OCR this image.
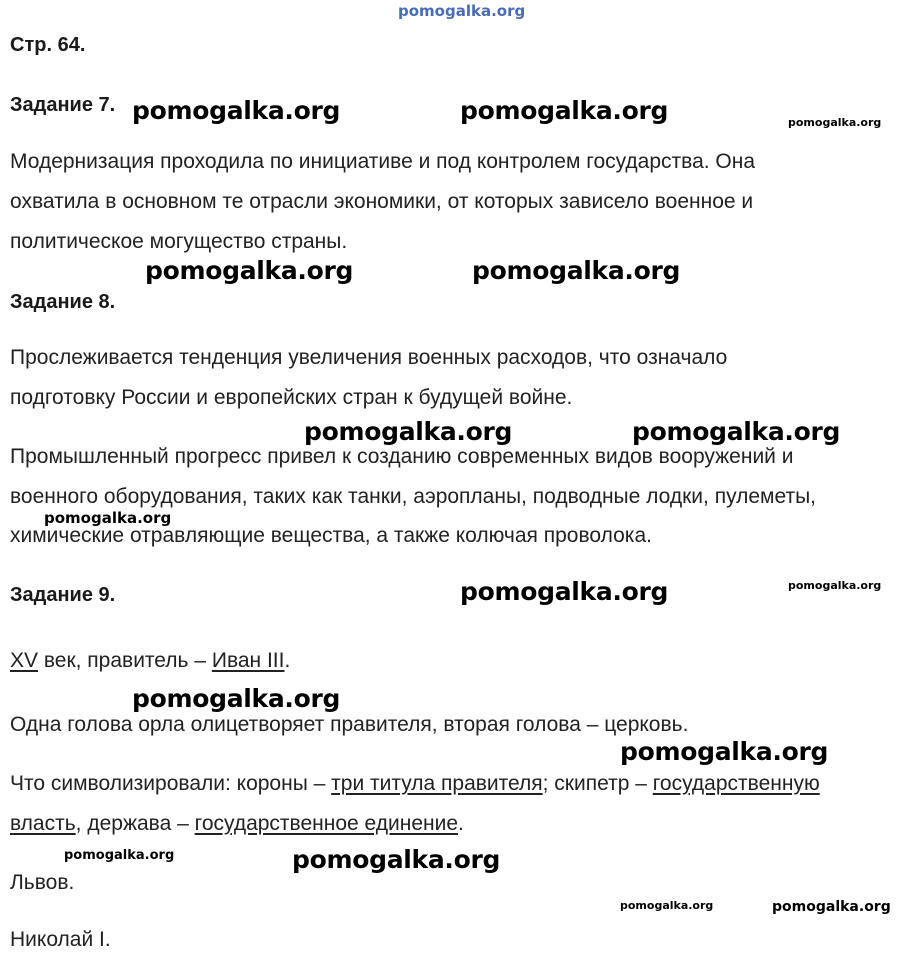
pomogalka.org
Стр. 64.
Задание 7.
Модернизация проходила по инициативе и под контролем государства. Она
охватила в основном те отрасли экономики, от которых зависело военное и
политическое могущество страны.
Задание 8.
Прослеживается тенденция увеличения военных расходов, что означало
подготовку России и европейских стран к будущей войне.
Промышленный прогресс привел к созданию современных видов вооружений и
военного оборудования, таких как танки, аэропланы, подводные лодки, пулеметы,
химические отравляющие вещества, а также колючая проволока.
Задание 9.
XV век, правитель – Иван III.
Одна голова орла олицетворяет правителя, вторая голова – церковь.
Что символизировали: короны – три титула правителя; скипетр – государственную
власть, держава – государственное единение.
Львов.
Николай I.
pomogalka.org	pomogalka.org
pomogalka.org	pomogalka.org
pomogalka.org	pomogalka.org
pomogalka.org
pomogalka.org
pomogalka.org
pomogalka.org
pomogalka.org
pomogalka.org
pomogalka.org
pomogalka.org
pomogalka.org	pomogalka.org
